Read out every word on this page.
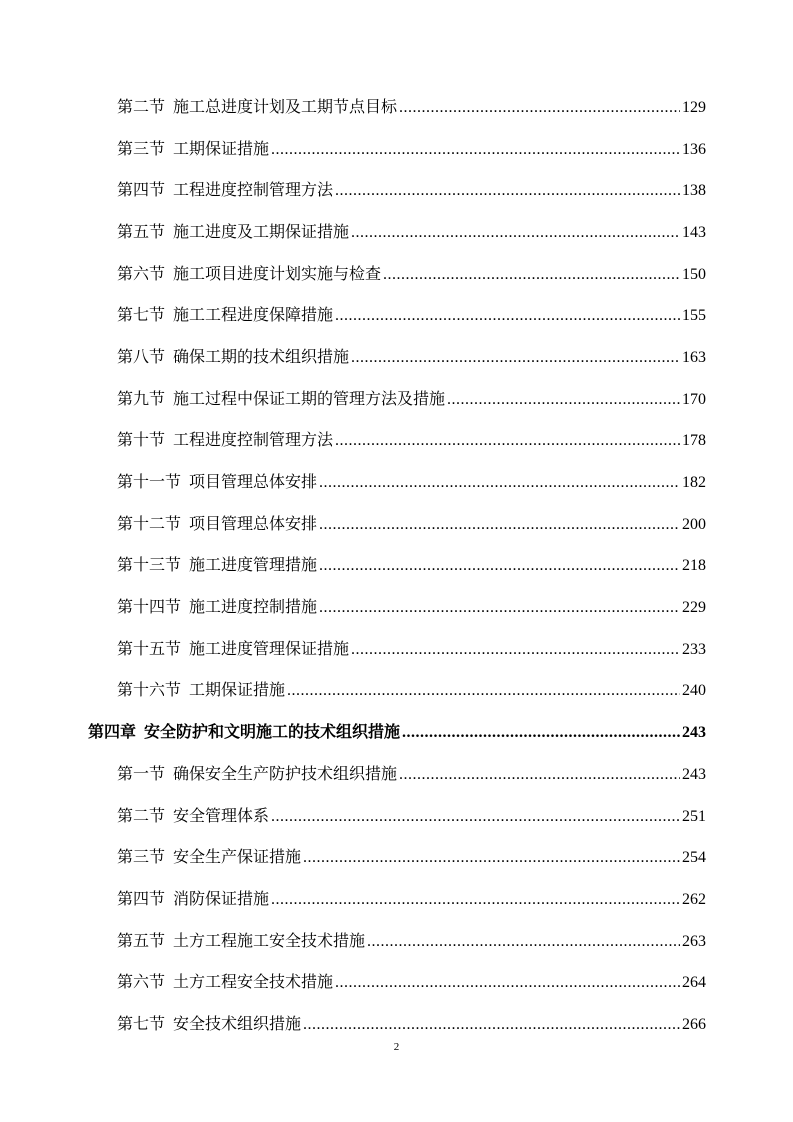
第二节 施工总进度计划及工期节点目标 .....	129
第三节 工期保证措施 .....	136
第四节 工程进度控制管理方法 .....	138
第五节 施工进度及工期保证措施 .....	143
第六节 施工项目进度计划实施与检查 .....	150
第七节 施工工程进度保障措施 .....	155
第八节 确保工期的技术组织措施 .....	163
第九节 施工过程中保证工期的管理方法及措施 .....	170
第十节 工程进度控制管理方法 .....	178
第十一节 项目管理总体安排 .....	182
第十二节 项目管理总体安排 .....	200
第十三节 施工进度管理措施 .....	218
第十四节 施工进度控制措施 .....	229
第十五节 施工进度管理保证措施 .....	233
第十六节 工期保证措施 .....	240
第四章 安全防护和文明施工的技术组织措施 .....	243
第一节 确保安全生产防护技术组织措施 .....	243
第二节 安全管理体系 .....	251
第三节 安全生产保证措施 .....	254
第四节 消防保证措施 .....	262
第五节 土方工程施工安全技术措施 .....	263
第六节 土方工程安全技术措施 .....	264
第七节 安全技术组织措施 .....	266
2
